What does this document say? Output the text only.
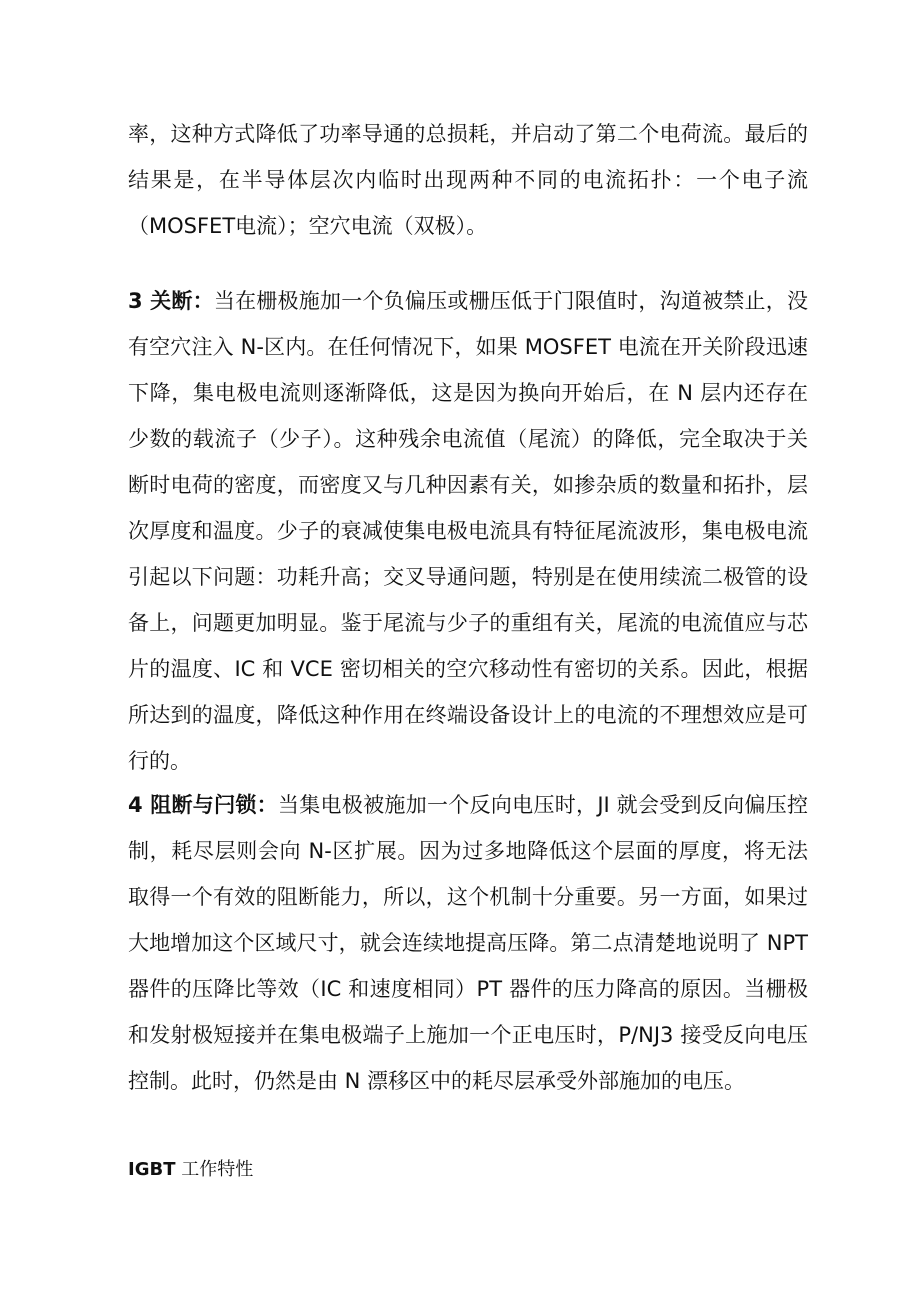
率，这种方式降低了功率导通的总损耗，并启动了第二个电荷流。最后的结果是，在半导体层次内临时出现两种不同的电流拓扑：一个电子流（MOSFET电流）；空穴电流（双极）。

3 关断：当在栅极施加一个负偏压或栅压低于门限值时，沟道被禁止，没有空穴注入 N-区内。在任何情况下，如果 MOSFET 电流在开关阶段迅速下降，集电极电流则逐渐降低，这是因为换向开始后，在 N 层内还存在少数的载流子（少子）。这种残余电流值（尾流）的降低，完全取决于关断时电荷的密度，而密度又与几种因素有关，如掺杂质的数量和拓扑，层次厚度和温度。少子的衰减使集电极电流具有特征尾流波形，集电极电流引起以下问题：功耗升高；交叉导通问题，特别是在使用续流二极管的设备上，问题更加明显。鉴于尾流与少子的重组有关，尾流的电流值应与芯片的温度、IC 和 VCE 密切相关的空穴移动性有密切的关系。因此，根据所达到的温度，降低这种作用在终端设备设计上的电流的不理想效应是可行的。

4 阻断与闩锁：当集电极被施加一个反向电压时，JI 就会受到反向偏压控制，耗尽层则会向 N-区扩展。因为过多地降低这个层面的厚度，将无法取得一个有效的阻断能力，所以，这个机制十分重要。另一方面，如果过大地增加这个区域尺寸，就会连续地提高压降。第二点清楚地说明了 NPT 器件的压降比等效（IC 和速度相同）PT 器件的压力降高的原因。当栅极和发射极短接并在集电极端子上施加一个正电压时，P/NJ3 接受反向电压控制。此时，仍然是由 N 漂移区中的耗尽层承受外部施加的电压。

IGBT 工作特性
